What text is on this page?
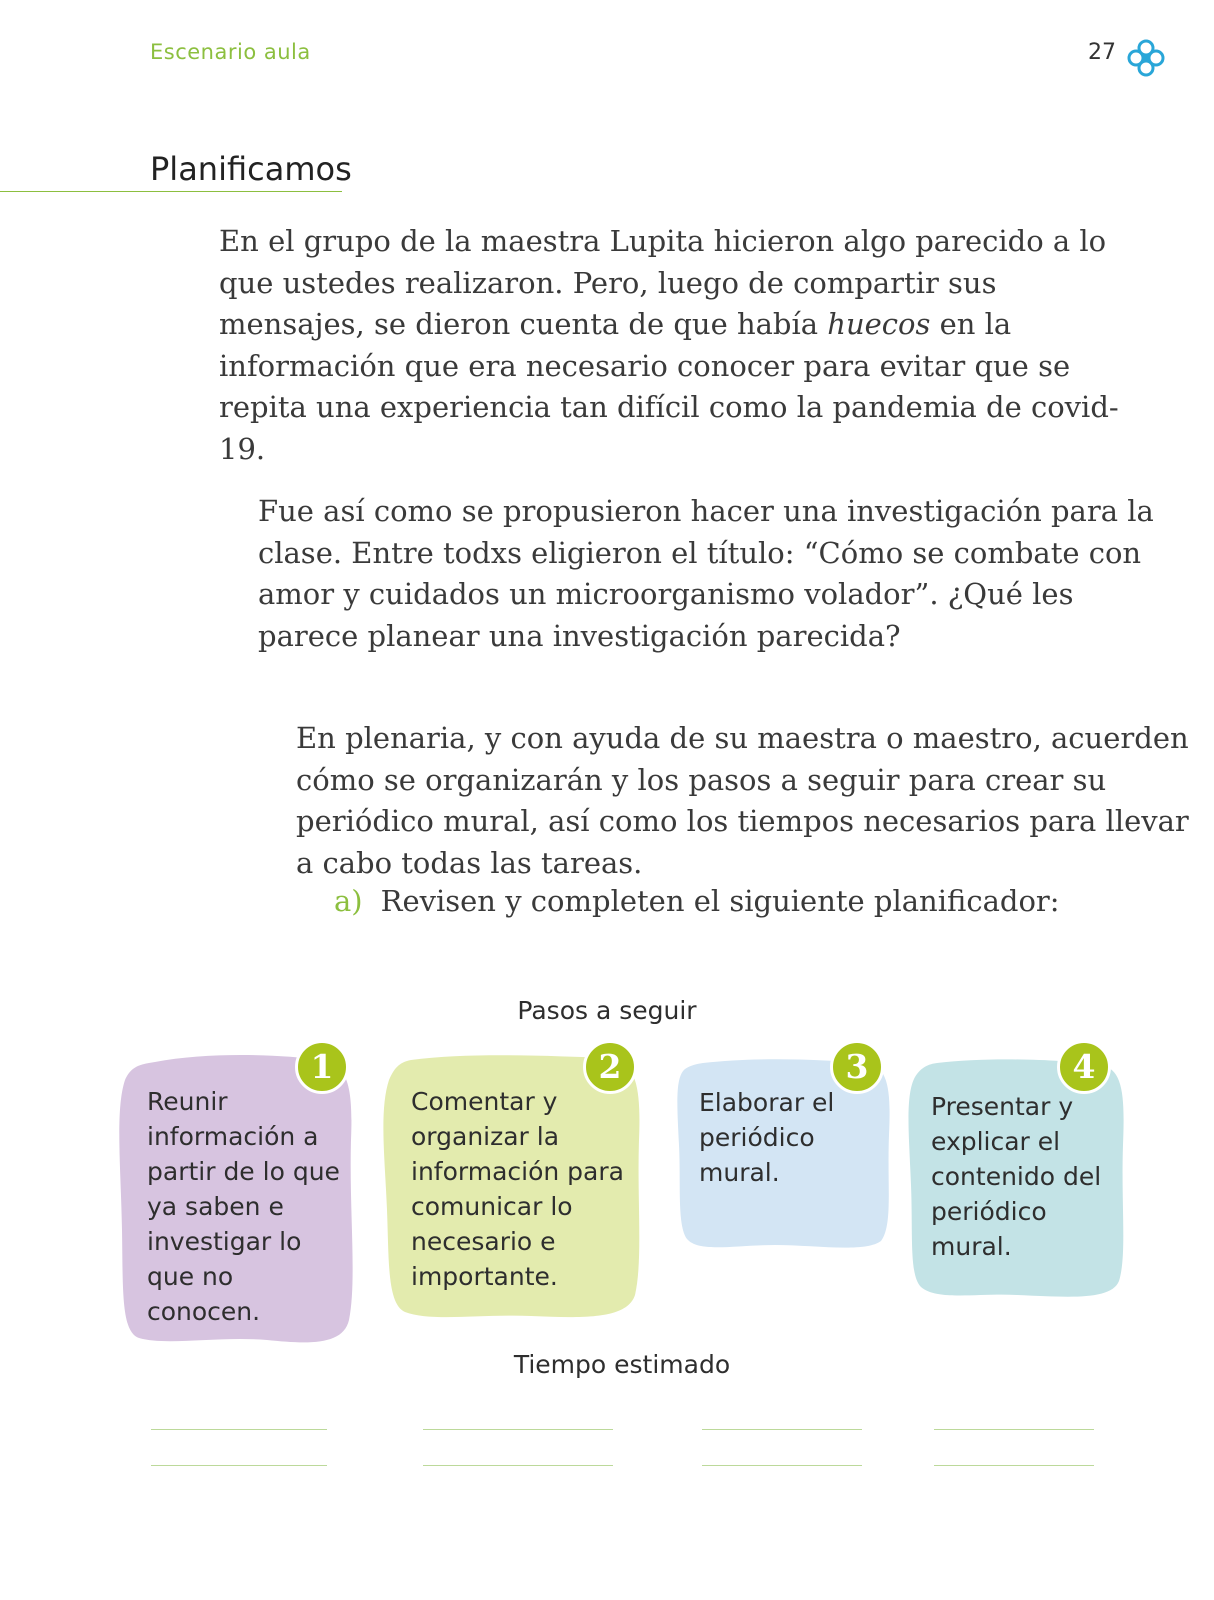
Escenario aula	27
Planificamos

En el grupo de la maestra Lupita hicieron algo parecido a lo que ustedes realizaron. Pero, luego de compartir sus mensajes, se dieron cuenta de que había huecos en la información que era necesario conocer para evitar que se repita una experiencia tan difícil como la pandemia de covid-19.

Fue así como se propusieron hacer una investigación para la clase. Entre todxs eligieron el título: “Cómo se combate con amor y cuidados un microorganismo volador”. ¿Qué les parece planear una investigación parecida?

En plenaria, y con ayuda de su maestra o maestro, acuerden cómo se organizarán y los pasos a seguir para crear su periódico mural, así como los tiempos necesarios para llevar a cabo todas las tareas.

a) Revisen y completen el siguiente planificador:

Pasos a seguir

Reunir información a partir de lo que ya saben e investigar lo que no conocen.

1

Comentar y organizar la información para comunicar lo necesario e importante.

2

Elaborar el periódico mural.

3

Presentar y explicar el contenido del periódico mural.

4
Tiempo estimado
